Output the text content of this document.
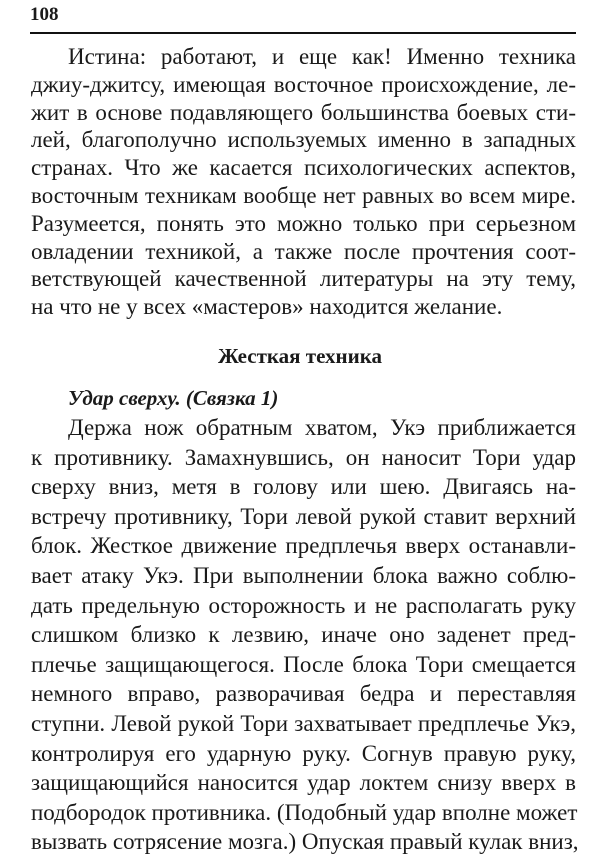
108
Истина: работают, и еще как! Именно техника
джиу-джитсу, имеющая восточное происхождение, ле-
жит в основе подавляющего большинства боевых сти-
лей, благополучно используемых именно в западных
странах. Что же касается психологических аспектов,
восточным техникам вообще нет равных во всем мире.
Разумеется, понять это можно только при серьезном
овладении техникой, а также после прочтения соот-
ветствующей качественной литературы на эту тему,
на что не у всех «мастеров» находится желание.
Жесткая техника
Удар сверху. (Связка 1)
Держа нож обратным хватом, Укэ приближается
к противнику. Замахнувшись, он наносит Тори удар
сверху вниз, метя в голову или шею. Двигаясь на-
встречу противнику, Тори левой рукой ставит верхний
блок. Жесткое движение предплечья вверх останавли-
вает атаку Укэ. При выполнении блока важно соблю-
дать предельную осторожность и не располагать руку
слишком близко к лезвию, иначе оно заденет пред-
плечье защищающегося. После блока Тори смещается
немного вправо, разворачивая бедра и переставляя
ступни. Левой рукой Тори захватывает предплечье Укэ,
контролируя его ударную руку. Согнув правую руку,
защищающийся наносится удар локтем снизу вверх в
подбородок противника. (Подобный удар вполне может
вызвать сотрясение мозга.) Опуская правый кулак вниз,
